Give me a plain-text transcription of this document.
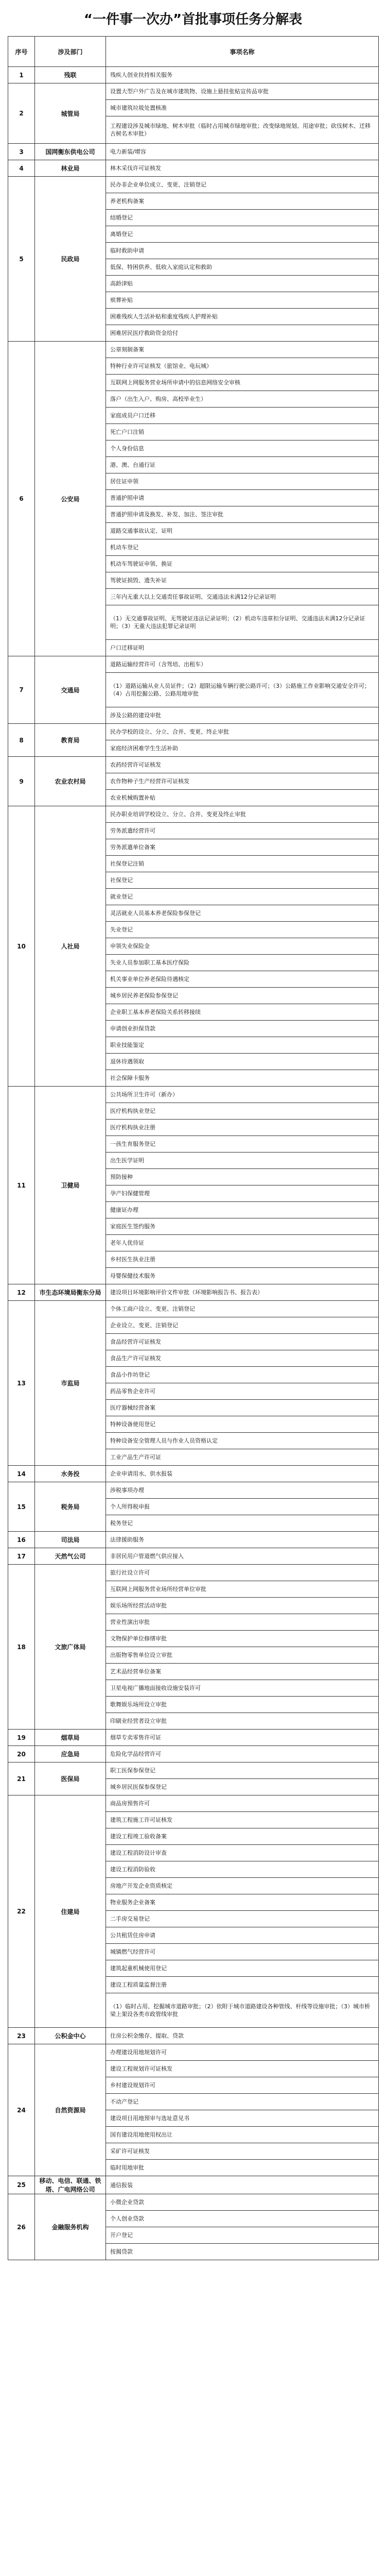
“一件事一次办”首批事项任务分解表
序号	涉及部门	事项名称
1	残联	残疾人创业扶持相关服务
2	城管局	设置大型户外广告及在城市建筑物、设施上悬挂张贴宣传品审批
		城市建筑垃圾处置核准
		工程建设涉及城市绿地、树木审批（临时占用城市绿地审批；改变绿地规划、用途审批；砍伐树木、迁移古树名木审批）
3	国网衡东供电公司	电力新装/增容
4	林业局	林木采伐许可证核发
5	民政局	民办非企业单位成立、变更、注销登记
		养老机构备案
		结婚登记
		离婚登记
		临时救助申请
		低保、特困供养、低收入家庭认定和救助
		高龄津贴
		殡葬补贴
		困难残疾人生活补贴和重度残疾人护理补贴
		困难居民医疗救助资金给付
6	公安局	公章刻制备案
		特种行业许可证核发（旅馆业、电玩城）
		互联网上网服务营业场所申请中的信息网络安全审核
		落户（出生入户、购房、高校毕业生）
		家庭成员户口迁移
		死亡户口注销
		个人身份信息
		港、澳、台通行证
		居住证申领
		普通护照申请
		普通护照申请及换发、补发、加注、签注审批
		道路交通事故认定、证明
		机动车登记
		机动车驾驶证申领、换证
		驾驶证损毁、遗失补证
		三年内无重大以上交通责任事故证明、交通违法未满12分记录证明
		（1）无交通事故证明、无驾驶证违法记录证明；（2）机动车违章扣分证明、交通违法未满12分记录证明；（3）无重大违法犯罪记录证明
		户口迁移证明
7	交通局	道路运输经营许可（含驾培、出租车）
		（1）道路运输从业人员证件；（2）超限运输车辆行驶公路许可；（3）公路施工作业影响交通安全许可；（4）占用挖掘公路、公路用地审批
		涉及公路的建设审批
8	教育局	民办学校的设立、分立、合并、变更、终止审批
		家庭经济困难学生生活补助
9	农业农村局	农药经营许可证核发
		农作物种子生产经营许可证核发
		农业机械购置补贴
10	人社局	民办职业培训学校设立、分立、合并、变更及终止审批
		劳务派遣经营许可
		劳务派遣单位备案
		社保登记注销
		社保登记
		就业登记
		灵活就业人员基本养老保险参保登记
		失业登记
		申领失业保险金
		失业人员参加职工基本医疗保险
		机关事业单位养老保险待遇核定
		城乡居民养老保险参保登记
		企业职工基本养老保险关系转移接续
		申请创业担保贷款
		职业技能鉴定
		退休待遇领取
		社会保障卡服务
11	卫健局	公共场所卫生许可（新办）
		医疗机构执业登记
		医疗机构执业注册
		一孩生育服务登记
		出生医学证明
		预防接种
		孕产妇保健管理
		健康证办理
		家庭医生签约服务
		老年人优待证
		乡村医生执业注册
		母婴保健技术服务
12	市生态环境局衡东分局	建设项目环境影响评价文件审批（环境影响报告书、报告表）
13	市监局	个体工商户设立、变更、注销登记
		企业设立、变更、注销登记
		食品经营许可证核发
		食品生产许可证核发
		食品小作坊登记
		药品零售企业许可
		医疗器械经营备案
		特种设备使用登记
		特种设备安全管理人员与作业人员资格认定
		工业产品生产许可证
14	水务投	企业申请用水、供水报装
15	税务局	涉税事项办理
		个人所得税申报
		税务登记
16	司法局	法律援助服务
17	天然气公司	非居民用户管道燃气供应接入
18	文旅广体局	旅行社设立许可
		互联网上网服务营业场所经营单位审批
		娱乐场所经营活动审批
		营业性演出审批
		文物保护单位修缮审批
		出版物零售单位设立审批
		艺术品经营单位备案
		卫星电视广播地面接收设施安装许可
		歌舞娱乐场所设立审批
		印刷业经营者设立审批
19	烟草局	烟草专卖零售许可证
20	应急局	危险化学品经营许可
21	医保局	职工医保参保登记
		城乡居民医保参保登记
22	住建局	商品房预售许可
		建筑工程施工许可证核发
		建设工程竣工验收备案
		建设工程消防设计审查
		建设工程消防验收
		房地产开发企业资质核定
		物业服务企业备案
		二手房交易登记
		公共租赁住房申请
		城镇燃气经营许可
		建筑起重机械使用登记
		建设工程质量监督注册
		（1）临时占用、挖掘城市道路审批；（2）依附于城市道路建设各种管线、杆线等设施审批；（3）城市桥梁上架设各类市政管线审批
23	公积金中心	住房公积金缴存、提取、贷款
24	自然资源局	办理建设用地规划许可
		建设工程规划许可证核发
		乡村建设规划许可
		不动产登记
		建设项目用地预审与选址意见书
		国有建设用地使用权出让
		采矿许可证核发
		临时用地审批
25	移动、电信、联通、铁塔、广电网络公司	通信报装
26	金融服务机构	小微企业贷款
		个人创业贷款
		开户登记
		按揭贷款
